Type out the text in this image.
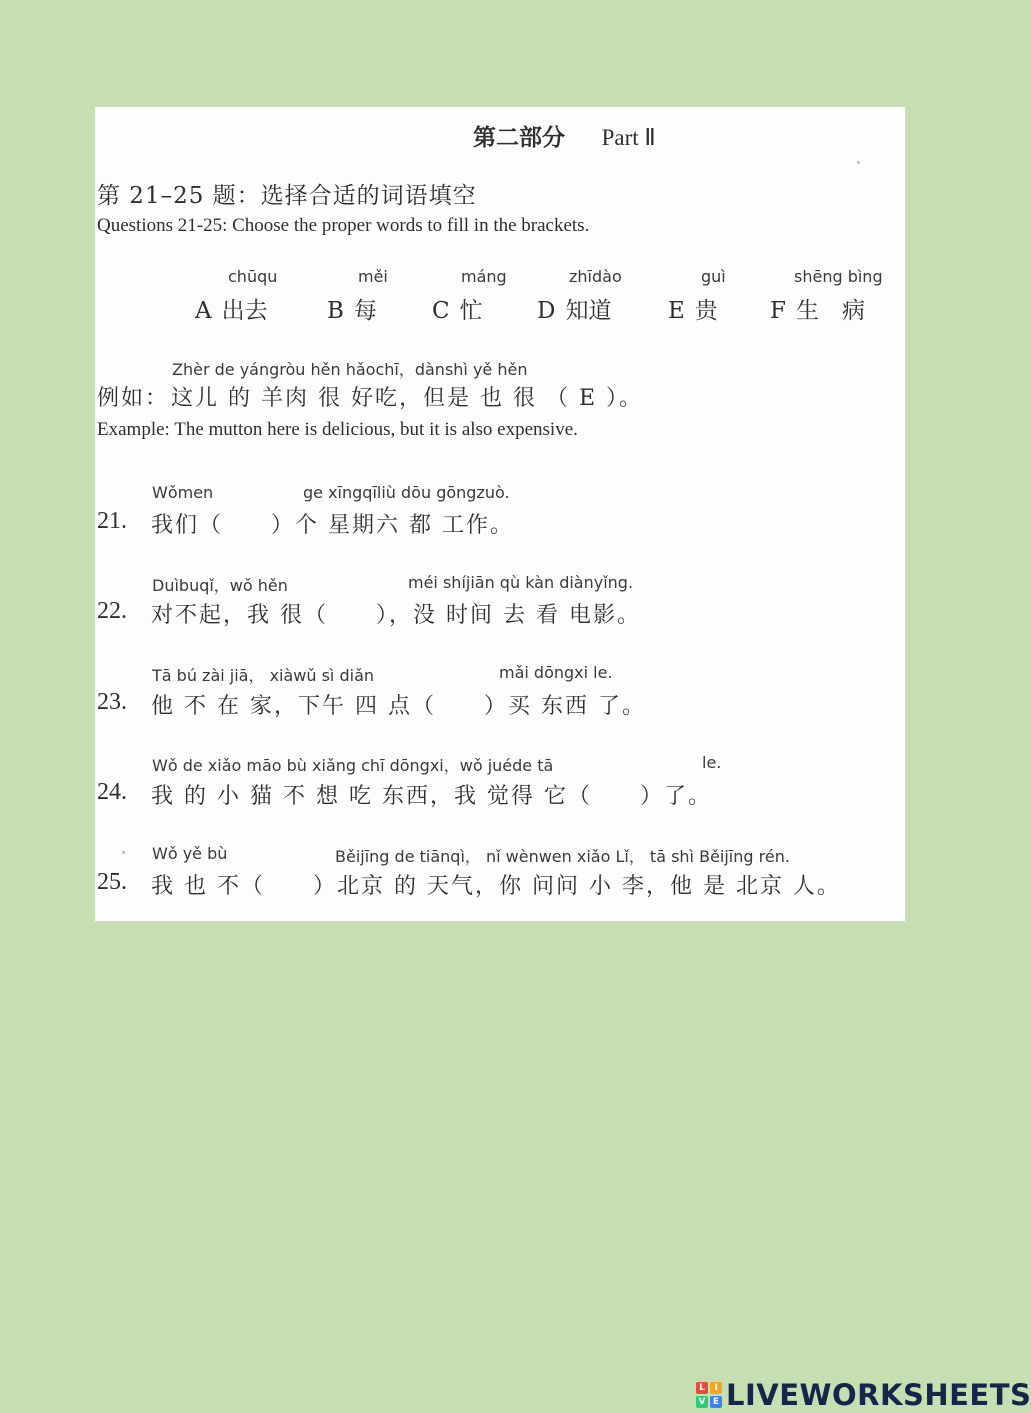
第二部分 Part Ⅱ
第 21–25 题：选择合适的词语填空
Questions 21-25: Choose the proper words to fill in the brackets.
chūqu	měi	máng	zhīdào	guì	shēng bìng
A 出去	B 每 C 忙 D 知道 E 贵 F 生　病
Zhèr de yángròu hěn hǎochī，dànshì yě hěn
例如： 这儿 的 羊肉 很 好吃，但是 也 很 （ E ）。
Example: The mutton here is delicious, but it is also expensive.
Wǒmen	ge xīngqīliù dōu gōngzuò.
21. 我们（　　）个 星期六 都 工作。
Duìbuqǐ，wǒ hěn	méi shíjiān qù kàn diànyǐng.
22. 对不起，我 很（　　），没 时间 去 看 电影。
Tā bú zài jiā， xiàwǔ sì diǎn	mǎi dōngxi le.
23. 他 不 在 家，下午 四 点（　　）买 东西 了。
Wǒ de xiǎo māo bù xiǎng chī dōngxi，wǒ juéde tā	le.
24. 我 的 小 猫 不 想 吃 东西，我 觉得 它（　　）了。
Wǒ yě bù	Běijīng de tiānqì， nǐ wènwen xiǎo Lǐ， tā shì Běijīng rén.
25. 我 也 不（　　）北京 的 天气，你 问问 小 李，他 是 北京 人。
L	I
V E LIVEWORKSHEETS
